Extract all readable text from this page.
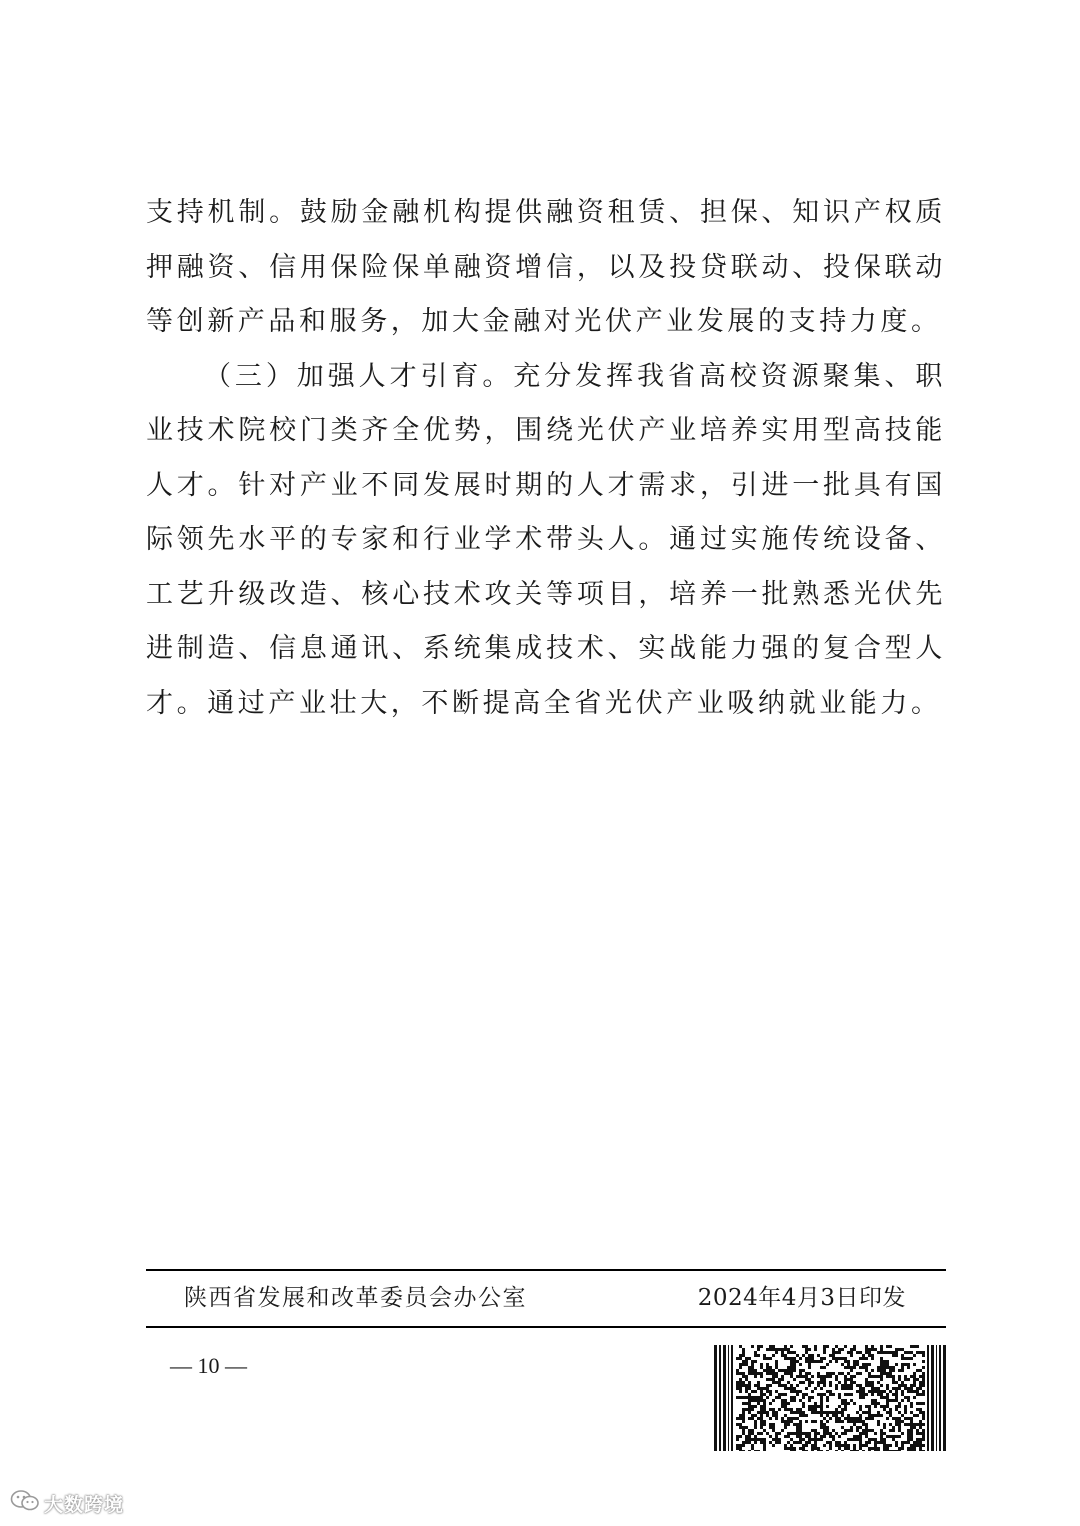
支持机制。鼓励金融机构提供融资租赁、担保、知识产权质押融资、信用保险保单融资增信，以及投贷联动、投保联动等创新产品和服务，加大金融对光伏产业发展的支持力度。

（三）加强人才引育。充分发挥我省高校资源聚集、职业技术院校门类齐全优势，围绕光伏产业培养实用型高技能人才。针对产业不同发展时期的人才需求，引进一批具有国际领先水平的专家和行业学术带头人。通过实施传统设备、工艺升级改造、核心技术攻关等项目，培养一批熟悉光伏先进制造、信息通讯、系统集成技术、实战能力强的复合型人才。通过产业壮大，不断提高全省光伏产业吸纳就业能力。

陕西省发展和改革委员会办公室	2024年4月3日印发
— 10 —
大数跨境
